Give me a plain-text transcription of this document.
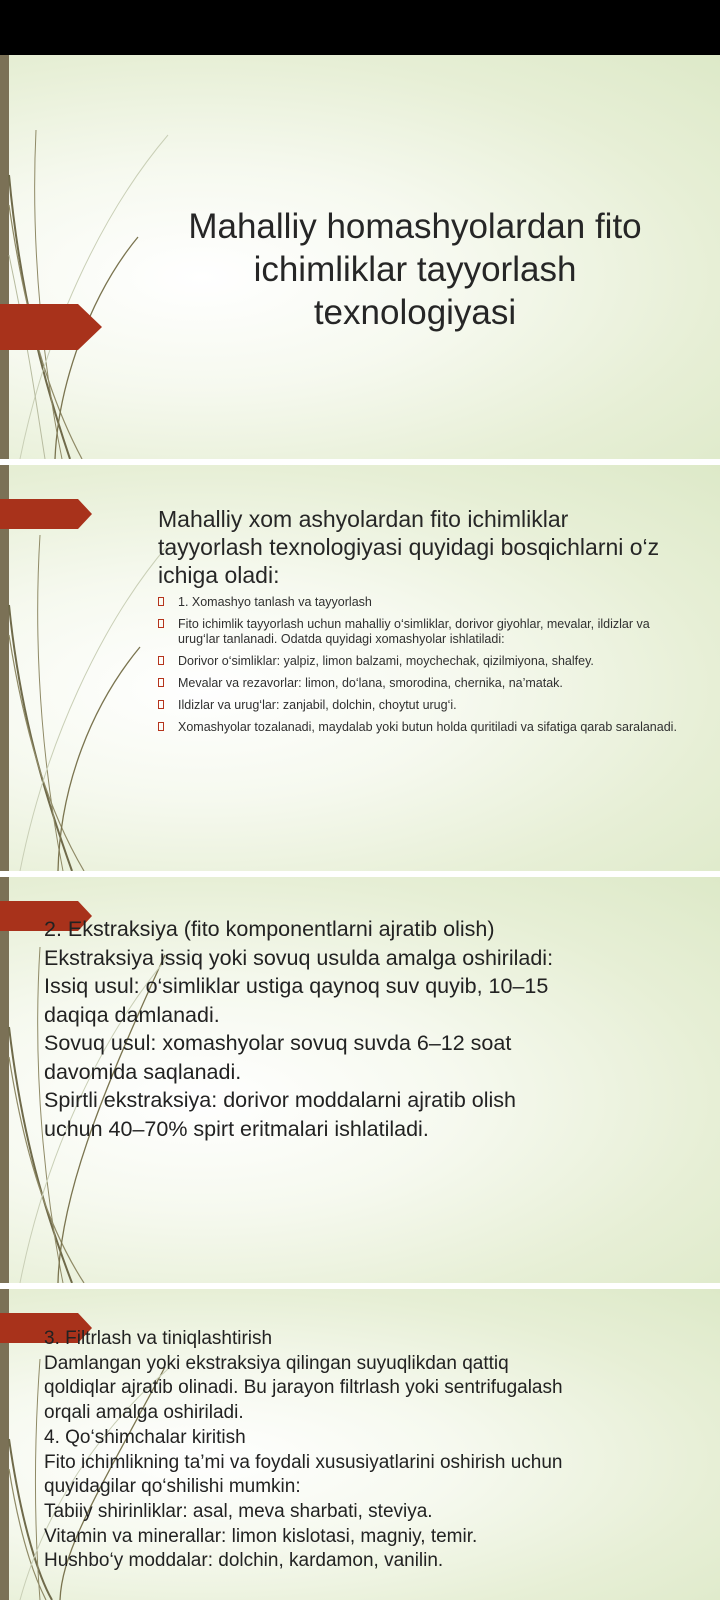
Mahalliy homashyolardan fito ichimliklar tayyorlash texnologiyasi
Mahalliy xom ashyolardan fito ichimliklar tayyorlash texnologiyasi quyidagi bosqichlarni o‘z ichiga oladi:
1. Xomashyo tanlash va tayyorlash
Fito ichimlik tayyorlash uchun mahalliy o‘simliklar, dorivor giyohlar, mevalar, ildizlar va urug‘lar tanlanadi. Odatda quyidagi xomashyolar ishlatiladi:
Dorivor o‘simliklar: yalpiz, limon balzami, moychechak, qizilmiyona, shalfey.
Mevalar va rezavorlar: limon, do‘lana, smorodina, chernika, na’matak.
Ildizlar va urug‘lar: zanjabil, dolchin, choytut urug‘i.
Xomashyolar tozalanadi, maydalab yoki butun holda quritiladi va sifatiga qarab saralanadi.

2. Ekstraksiya (fito komponentlarni ajratib olish)

Ekstraksiya issiq yoki sovuq usulda amalga oshiriladi:

Issiq usul: o‘simliklar ustiga qaynoq suv quyib, 10–15 daqiqa damlanadi.

Sovuq usul: xomashyolar sovuq suvda 6–12 soat davomida saqlanadi.

Spirtli ekstraksiya: dorivor moddalarni ajratib olish uchun 40–70% spirt eritmalari ishlatiladi.

3. Filtrlash va tiniqlashtirish

Damlangan yoki ekstraksiya qilingan suyuqlikdan qattiq qoldiqlar ajratib olinadi. Bu jarayon filtrlash yoki sentrifugalash orqali amalga oshiriladi.

4. Qo‘shimchalar kiritish

Fito ichimlikning ta’mi va foydali xususiyatlarini oshirish uchun quyidagilar qo‘shilishi mumkin:

Tabiiy shirinliklar: asal, meva sharbati, steviya.

Vitamin va minerallar: limon kislotasi, magniy, temir.

Hushbo‘y moddalar: dolchin, kardamon, vanilin.
